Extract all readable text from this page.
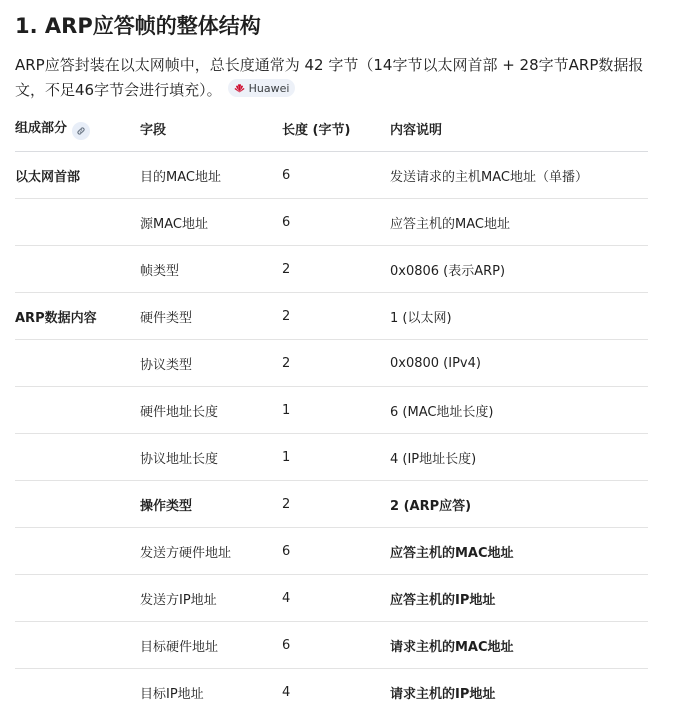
1. ARP应答帧的整体结构
ARP应答封装在以太网帧中，总长度通常为 42 字节（14字节以太网首部 + 28字节ARP数据报文，不足46字节会进行填充）。 Huawei
组成部分	字段	长度 (字节)	内容说明
以太网首部	目的MAC地址	6	发送请求的主机MAC地址（单播）
	源MAC地址	6	应答主机的MAC地址
	帧类型	2	0x0806 (表示ARP)
ARP数据内容	硬件类型	2	1 (以太网)
	协议类型	2	0x0800 (IPv4)
	硬件地址长度	1	6 (MAC地址长度)
	协议地址长度	1	4 (IP地址长度)
	操作类型	2	2 (ARP应答)
	发送方硬件地址	6	应答主机的MAC地址
	发送方IP地址	4	应答主机的IP地址
	目标硬件地址	6	请求主机的MAC地址
	目标IP地址	4	请求主机的IP地址
